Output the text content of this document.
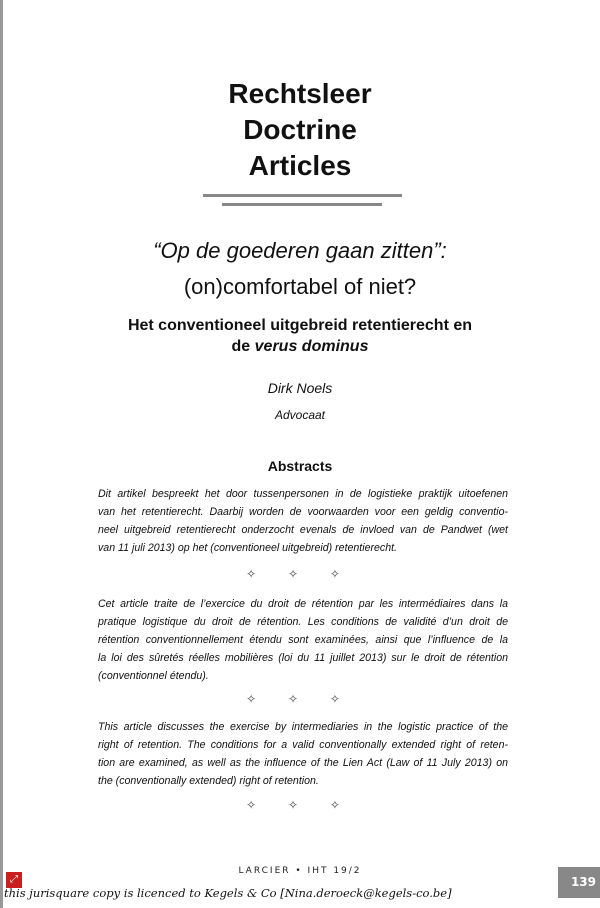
Rechtsleer
Doctrine
Articles
“Op de goederen gaan zitten”:
(on)comfortabel of niet?
Het conventioneel uitgebreid retentierecht en
de verus dominus
Dirk Noels
Advocaat
Abstracts
Dit artikel bespreekt het door tussenpersonen in de logistieke praktijk uitoefenen
van het retentierecht. Daarbij worden de voorwaarden voor een geldig conventio-
neel uitgebreid retentierecht onderzocht evenals de invloed van de Pandwet (wet
van 11 juli 2013) op het (conventioneel uitgebreid) retentierecht.
✧ ✧ ✧
Cet article traite de l’exercice du droit de rétention par les intermédiaires dans la
pratique logistique du droit de rétention. Les conditions de validité d’un droit de
rétention conventionnellement étendu sont examinées, ainsi que l’influence de la
la loi des sûretés réelles mobilières (loi du 11 juillet 2013) sur le droit de rétention
(conventionnel étendu).
✧ ✧ ✧
This article discusses the exercise by intermediaries in the logistic practice of the
right of retention. The conditions for a valid conventionally extended right of reten-
tion are examined, as well as the influence of the Lien Act (Law of 11 July 2013) on
the (conventionally extended) right of retention.
✧ ✧ ✧
LARCIER • IHT 19/2
139
⤢
this jurisquare copy is licenced to Kegels & Co [Nina.deroeck@kegels-co.be]
